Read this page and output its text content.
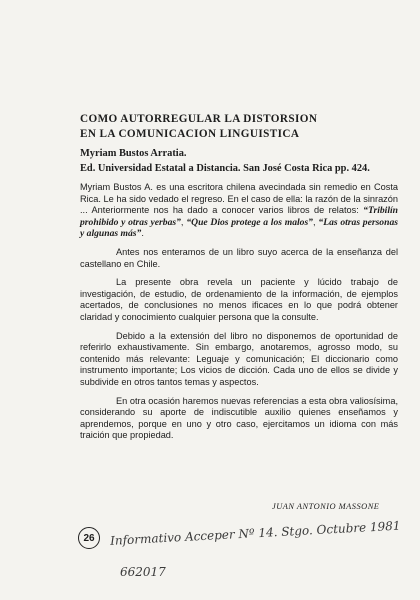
COMO AUTORREGULAR LA DISTORSION
EN LA COMUNICACION LINGUISTICA
Myriam Bustos Arratia.
Ed. Universidad Estatal a Distancia. San José Costa Rica pp. 424.

Myriam Bustos A. es una escritora chilena avecindada sin remedio en Costa Rica. Le ha sido vedado el regreso. En el caso de ella: la razón de la sinrazón ... Anteriormente nos ha dado a conocer varios libros de relatos: “Tribilín prohibido y otras yerbas”, “Que Dios protege a los malos”, “Las otras personas y algunas más”.

Antes nos enteramos de un libro suyo acerca de la enseñanza del castellano en Chile.

La presente obra revela un paciente y lúcido trabajo de investigación, de estudio, de ordenamiento de la información, de ejemplos acertados, de conclusiones no menos ificaces en lo que podrá obtener claridad y conocimiento cualquier persona que la consulte.

Debido a la extensión del libro no disponemos de oportunidad de referirlo exhaustivamente. Sin embargo, anotaremos, agrosso modo, su contenido más relevante: Leguaje y comunicación; El diccionario como instrumento importante; Los vicios de dicción. Cada uno de ellos se divide y subdivide en otros tantos temas y aspectos.

En otra ocasión haremos nuevas referencias a esta obra valiosísima, considerando su aporte de indiscutible auxilio quienes enseñamos y aprendemos, porque en uno y otro caso, ejercitamos un idioma con más traición que propiedad.

JUAN ANTONIO MASSONE
26	Informativo Acceper Nº 14. Stgo. Octubre 1981
662017
